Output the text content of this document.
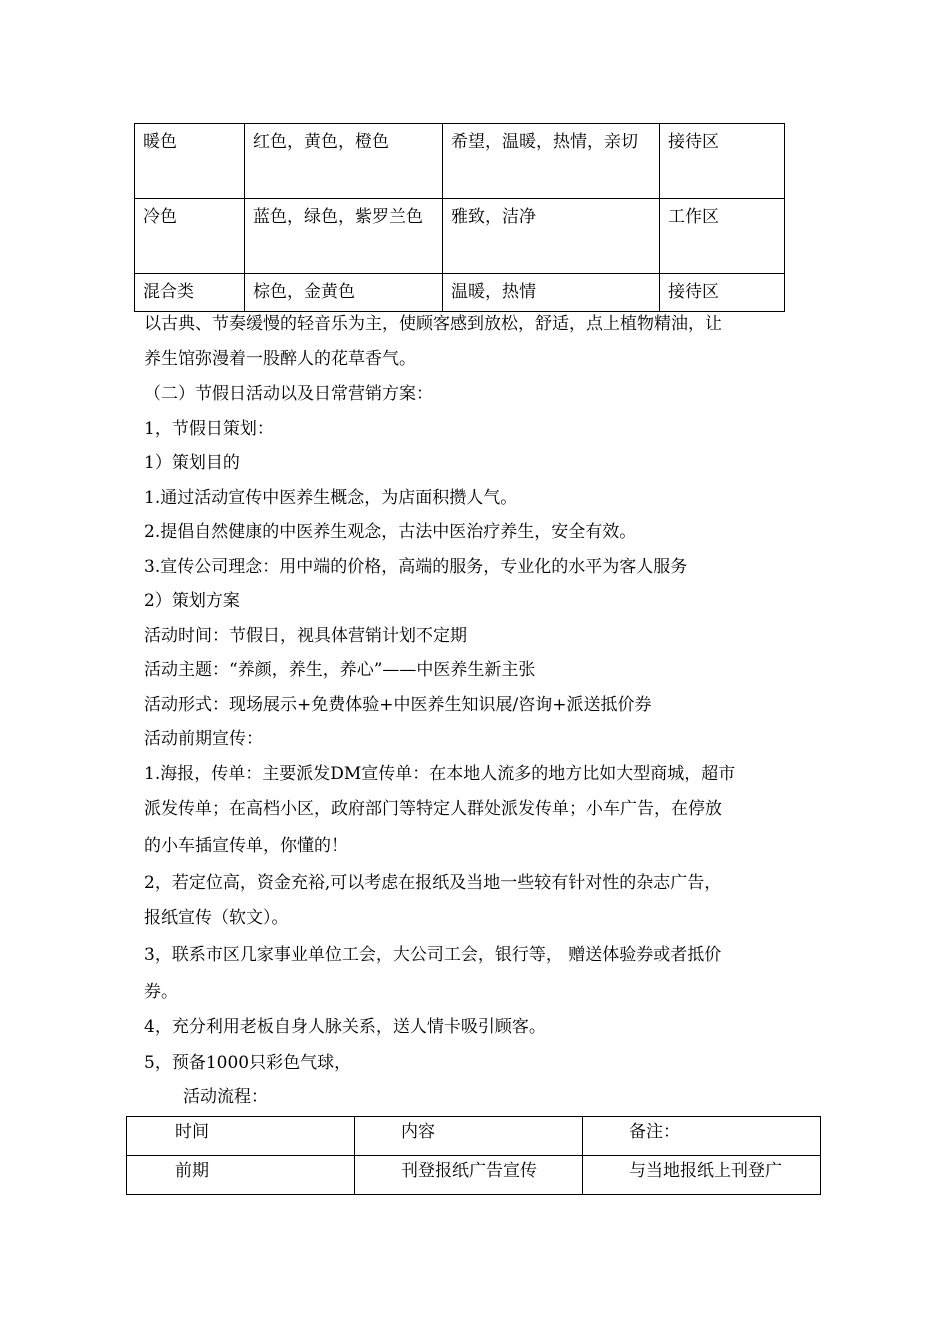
暖色	红色，黄色，橙色	希望，温暖，热情，亲切	接待区
冷色	蓝色，绿色，紫罗兰色	雅致，洁净	工作区
混合类	棕色，金黄色	温暖，热情	接待区
以古典、节奏缓慢的轻音乐为主，使顾客感到放松，舒适，点上植物精油，让
养生馆弥漫着一股醉人的花草香气。
（二）节假日活动以及日常营销方案：
1，节假日策划：
1）策划目的
1.通过活动宣传中医养生概念，为店面积攒人气。
2.提倡自然健康的中医养生观念，古法中医治疗养生，安全有效。
3.宣传公司理念：用中端的价格，高端的服务，专业化的水平为客人服务
2）策划方案
活动时间：节假日，视具体营销计划不定期
活动主题：“养颜，养生，养心”——中医养生新主张
活动形式：现场展示+免费体验+中医养生知识展/咨询+派送抵价券
活动前期宣传：
1.海报，传单：主要派发DM宣传单：在本地人流多的地方比如大型商城，超市
派发传单；在高档小区，政府部门等特定人群处派发传单；小车广告，在停放
的小车插宣传单，你懂的！
2，若定位高，资金充裕,可以考虑在报纸及当地一些较有针对性的杂志广告，
报纸宣传（软文）。
3，联系市区几家事业单位工会，大公司工会，银行等， 赠送体验券或者抵价
券。
4，充分利用老板自身人脉关系，送人情卡吸引顾客。
5，预备1000只彩色气球，
活动流程：
时间	内容	备注：
前期	刊登报纸广告宣传	与当地报纸上刊登广
